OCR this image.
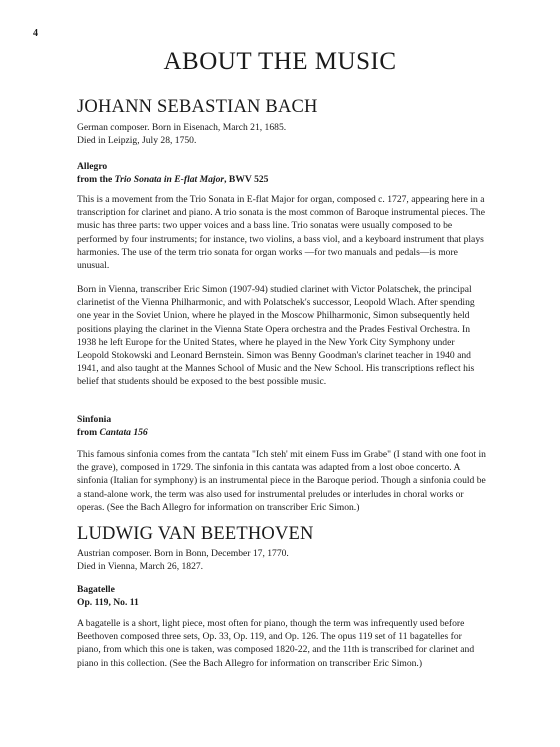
4
ABOUT THE MUSIC
JOHANN SEBASTIAN BACH

German composer. Born in Eisenach, March 21, 1685.

Died in Leipzig, July 28, 1750.

Allegro

from the Trio Sonata in E-flat Major, BWV 525

This is a movement from the Trio Sonata in E-flat Major for organ, composed c. 1727, appearing here in a transcription for clarinet and piano. A trio sonata is the most common of Baroque instrumental pieces. The music has three parts: two upper voices and a bass line. Trio sonatas were usually composed to be performed by four instruments; for instance, two violins, a bass viol, and a keyboard instrument that plays harmonies. The use of the term trio sonata for organ works —for two manuals and pedals—is more unusual.

Born in Vienna, transcriber Eric Simon (1907-94) studied clarinet with Victor Polatschek, the principal clarinetist of the Vienna Philharmonic, and with Polatschek's successor, Leopold Wlach. After spending one year in the Soviet Union, where he played in the Moscow Philharmonic, Simon subsequently held positions playing the clarinet in the Vienna State Opera orchestra and the Prades Festival Orchestra. In 1938 he left Europe for the United States, where he played in the New York City Symphony under Leopold Stokowski and Leonard Bernstein. Simon was Benny Goodman's clarinet teacher in 1940 and 1941, and also taught at the Mannes School of Music and the New School. His transcriptions reflect his belief that students should be exposed to the best possible music.

Sinfonia

from Cantata 156

This famous sinfonia comes from the cantata "Ich steh' mit einem Fuss im Grabe" (I stand with one foot in the grave), composed in 1729. The sinfonia in this cantata was adapted from a lost oboe concerto. A sinfonia (Italian for symphony) is an instrumental piece in the Baroque period. Though a sinfonia could be a stand-alone work, the term was also used for instrumental preludes or interludes in choral works or operas. (See the Bach Allegro for information on transcriber Eric Simon.)

LUDWIG VAN BEETHOVEN

Austrian composer. Born in Bonn, December 17, 1770.

Died in Vienna, March 26, 1827.

Bagatelle

Op. 119, No. 11

A bagatelle is a short, light piece, most often for piano, though the term was infrequently used before Beethoven composed three sets, Op. 33, Op. 119, and Op. 126. The opus 119 set of 11 bagatelles for piano, from which this one is taken, was composed 1820-22, and the 11th is transcribed for clarinet and piano in this collection. (See the Bach Allegro for information on transcriber Eric Simon.)
